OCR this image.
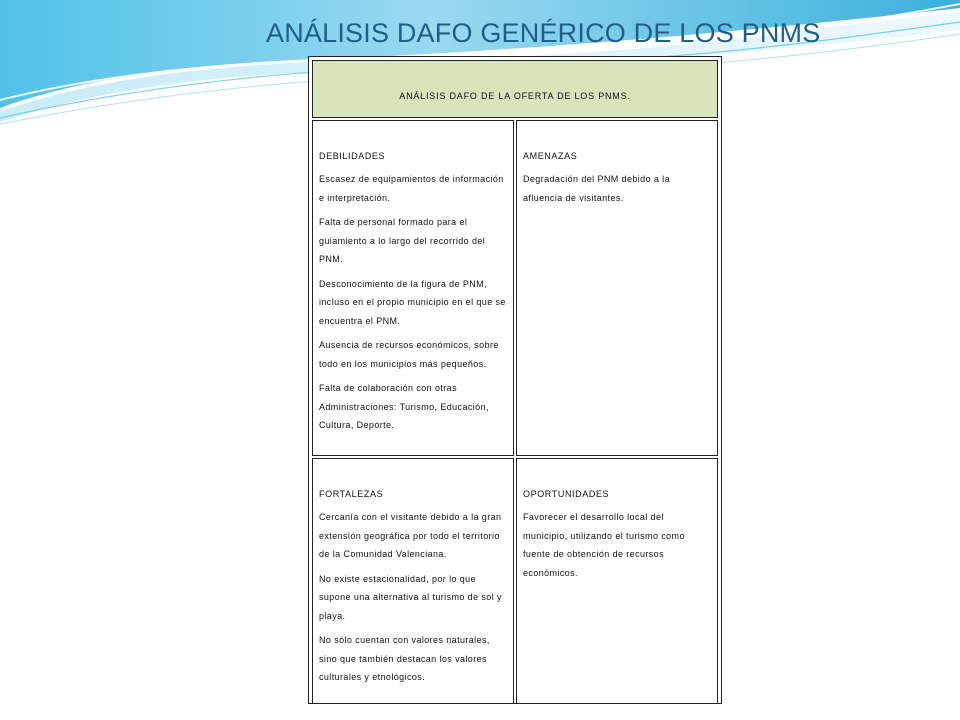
ANÁLISIS DAFO GENÉRICO DE LOS PNMS
ANÁLISIS DAFO DE LA OFERTA DE LOS PNMS.
DEBILIDADES
Escasez de equipamientos de información e interpretación.
Falta de personal formado para el guiamiento a lo largo del recorrido del PNM.
Desconocimiento de la figura de PNM, incluso en el propio municipio en el que se encuentra el PNM.
Ausencia de recursos económicos, sobre todo en los municipios más pequeños.
Falta de colaboración con otras Administraciones: Turismo, Educación, Cultura, Deporte.
AMENAZAS
Degradación del PNM debido a la afluencia de visitantes.
FORTALEZAS
Cercanía con el visitante debido a la gran extensión geográfica por todo el territorio de la Comunidad Valenciana.
No existe estacionalidad, por lo que supone una alternativa al turismo de sol y playa.
No sólo cuentan con valores naturales, sino que también destacan los valores culturales y etnológicos.
OPORTUNIDADES
Favorecer el desarrollo local del municipio, utilizando el turismo como fuente de obtención de recursos económicos.
